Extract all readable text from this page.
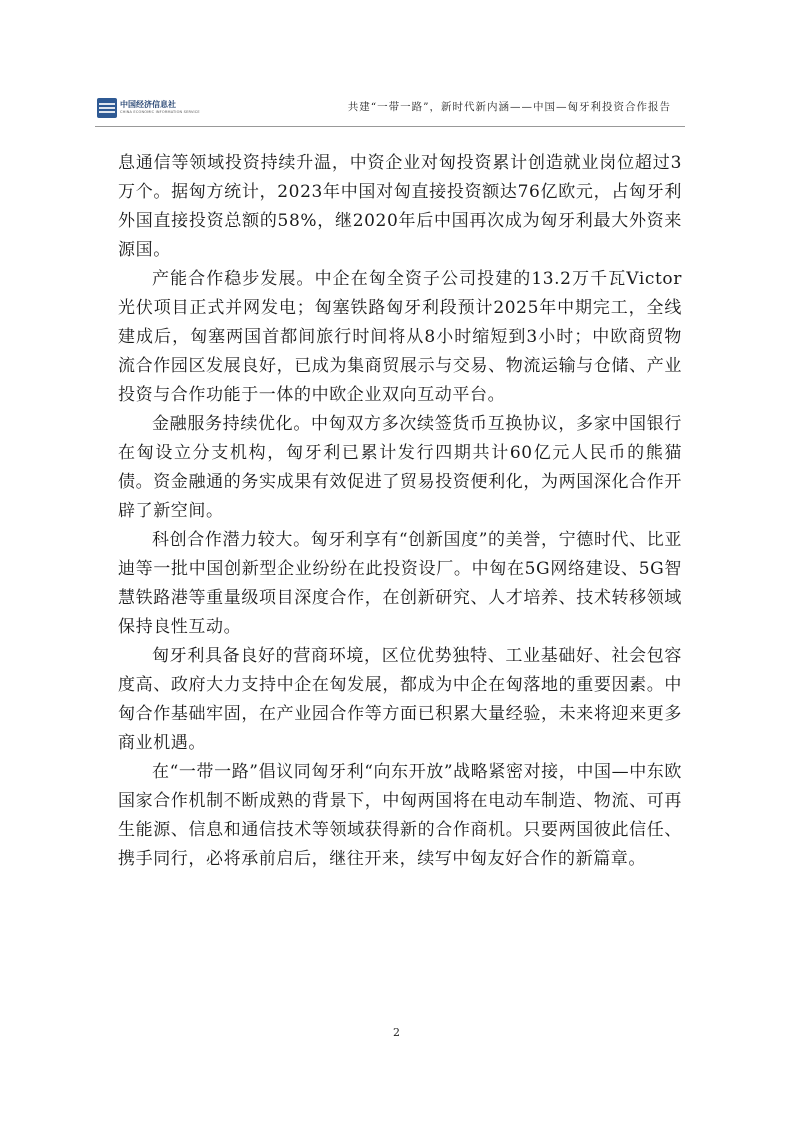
中国经济信息社
CHINA ECONOMIC INFORMATION SERVICE	共建“一带一路”，新时代新内涵——中国—匈牙利投资合作报告

息通信等领域投资持续升温，中资企业对匈投资累计创造就业岗位超过3万个。据匈方统计，2023年中国对匈直接投资额达76亿欧元，占匈牙利外国直接投资总额的58%，继2020年后中国再次成为匈牙利最大外资来源国。

产能合作稳步发展。中企在匈全资子公司投建的13.2万千瓦Victor光伏项目正式并网发电；匈塞铁路匈牙利段预计2025年中期完工，全线建成后，匈塞两国首都间旅行时间将从8小时缩短到3小时；中欧商贸物流合作园区发展良好，已成为集商贸展示与交易、物流运输与仓储、产业投资与合作功能于一体的中欧企业双向互动平台。

金融服务持续优化。中匈双方多次续签货币互换协议，多家中国银行在匈设立分支机构，匈牙利已累计发行四期共计60亿元人民币的熊猫债。资金融通的务实成果有效促进了贸易投资便利化，为两国深化合作开辟了新空间。

科创合作潜力较大。匈牙利享有“创新国度”的美誉，宁德时代、比亚迪等一批中国创新型企业纷纷在此投资设厂。中匈在5G网络建设、5G智慧铁路港等重量级项目深度合作，在创新研究、人才培养、技术转移领域保持良性互动。

匈牙利具备良好的营商环境，区位优势独特、工业基础好、社会包容度高、政府大力支持中企在匈发展，都成为中企在匈落地的重要因素。中匈合作基础牢固，在产业园合作等方面已积累大量经验，未来将迎来更多商业机遇。

在“一带一路”倡议同匈牙利“向东开放”战略紧密对接，中国—中东欧国家合作机制不断成熟的背景下，中匈两国将在电动车制造、物流、可再生能源、信息和通信技术等领域获得新的合作商机。只要两国彼此信任、携手同行，必将承前启后，继往开来，续写中匈友好合作的新篇章。

2
